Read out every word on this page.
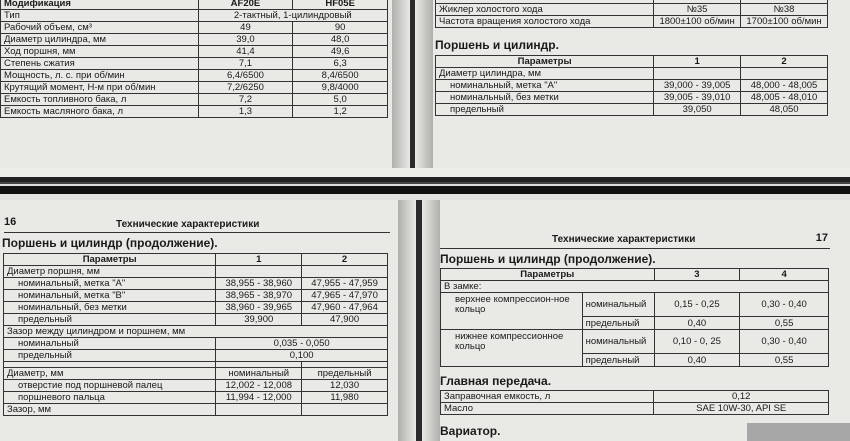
Модификация	AF20E	HF05E
Тип	2-тактный, 1-цилиндровый	
Рабочий объем, см³	49	90
Диаметр цилиндра, мм	39,0	48,0
Ход поршня, мм	41,4	49,6
Степень сжатия	7,1	6,3
Мощность, л. с. при об/мин	6,4/6500	8,4/6500
Крутящий момент, Н-м при об/мин	7,2/6250	9,8/4000
Емкость топливного бака, л	7,2	5,0
Емкость масляного бака, л	1,3	1,2

Жиклер холостого хода	№35	№38
Частота вращения холостого хода	1800±100 об/мин	1700±100 об/мин
Поршень и цилиндр.
Параметры	1	2
Диаметр цилиндра, мм		
номинальный, метка "А"	39,000 - 39,005	48,000 - 48,005
номинальный, без метки	39,005 - 39,010	48,005 - 48,010
предельный	39,050	48,050
16	Технические характеристики
Поршень и цилиндр (продолжение).
Параметры	1	2
Диаметр поршня, мм		
номинальный, метка "А"	38,955 - 38,960	47,955 - 47,959
номинальный, метка "В"	38,965 - 38,970	47,965 - 47,970
номинальный, без метки	38,960 - 39,965	47,960 - 47,964
предельный	39,900	47,900
Зазор между цилиндром и поршнем, мм		
номинальный	0,035 - 0,050	
предельный	0,100	

Диаметр, мм	номинальный	предельный
отверстие под поршневой палец	12,002 - 12,008	12,030
поршневого пальца	11,994 - 12,000	11,980
Зазор, мм		
Технические характеристики	17
Поршень и цилиндр (продолжение).
Параметры		3	4
В замке:			
верхнее компрессион-ное кольцо	номинальный	0,15 - 0,25	0,30 - 0,40
	предельный	0,40	0,55
нижнее компрессионное кольцо	номинальный	0,10 - 0, 25	0,30 - 0,40
	предельный	0,40	0,55
Главная передача.
Заправочная емкость, л	0,12
Масло	SAE 10W-30, API SE
Вариатор.
